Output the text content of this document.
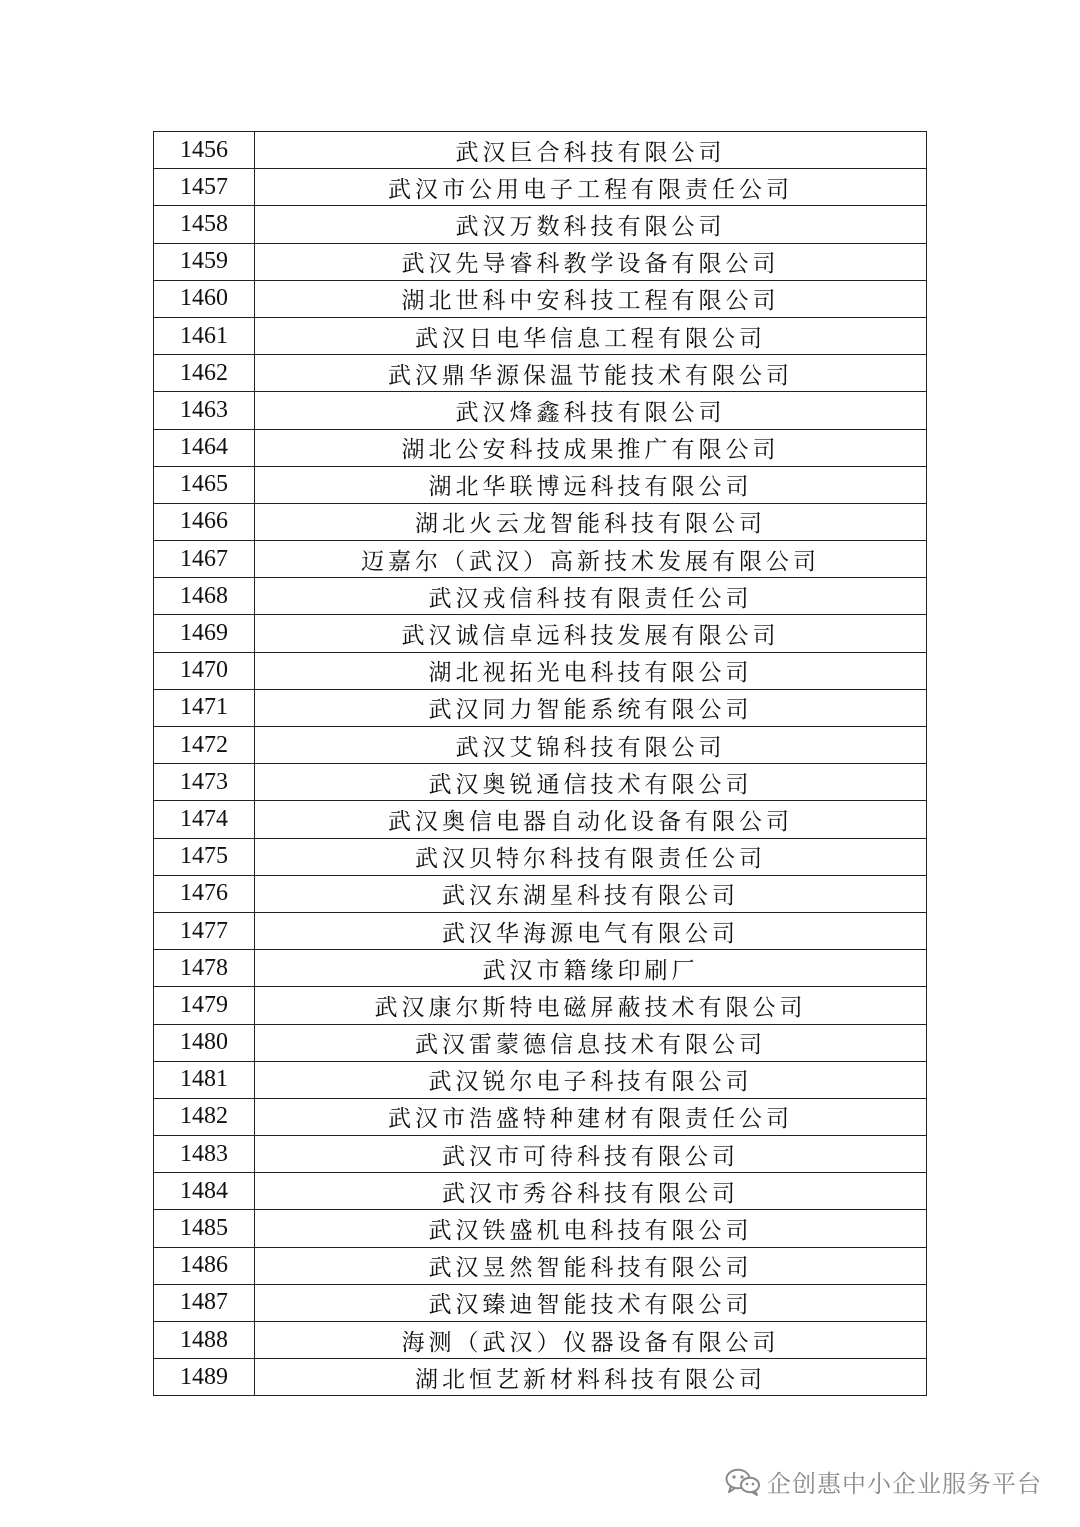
1456	武汉巨合科技有限公司
1457	武汉市公用电子工程有限责任公司
1458	武汉万数科技有限公司
1459	武汉先导睿科教学设备有限公司
1460	湖北世科中安科技工程有限公司
1461	武汉日电华信息工程有限公司
1462	武汉鼎华源保温节能技术有限公司
1463	武汉烽鑫科技有限公司
1464	湖北公安科技成果推广有限公司
1465	湖北华联博远科技有限公司
1466	湖北火云龙智能科技有限公司
1467	迈嘉尔（武汉）高新技术发展有限公司
1468	武汉戎信科技有限责任公司
1469	武汉诚信卓远科技发展有限公司
1470	湖北视拓光电科技有限公司
1471	武汉同力智能系统有限公司
1472	武汉艾锦科技有限公司
1473	武汉奥锐通信技术有限公司
1474	武汉奥信电器自动化设备有限公司
1475	武汉贝特尔科技有限责任公司
1476	武汉东湖星科技有限公司
1477	武汉华海源电气有限公司
1478	武汉市籍缘印刷厂
1479	武汉康尔斯特电磁屏蔽技术有限公司
1480	武汉雷蒙德信息技术有限公司
1481	武汉锐尔电子科技有限公司
1482	武汉市浩盛特种建材有限责任公司
1483	武汉市可待科技有限公司
1484	武汉市秀谷科技有限公司
1485	武汉铁盛机电科技有限公司
1486	武汉昱然智能科技有限公司
1487	武汉臻迪智能技术有限公司
1488	海测（武汉）仪器设备有限公司
1489	湖北恒艺新材料科技有限公司
企创惠中小企业服务平台
